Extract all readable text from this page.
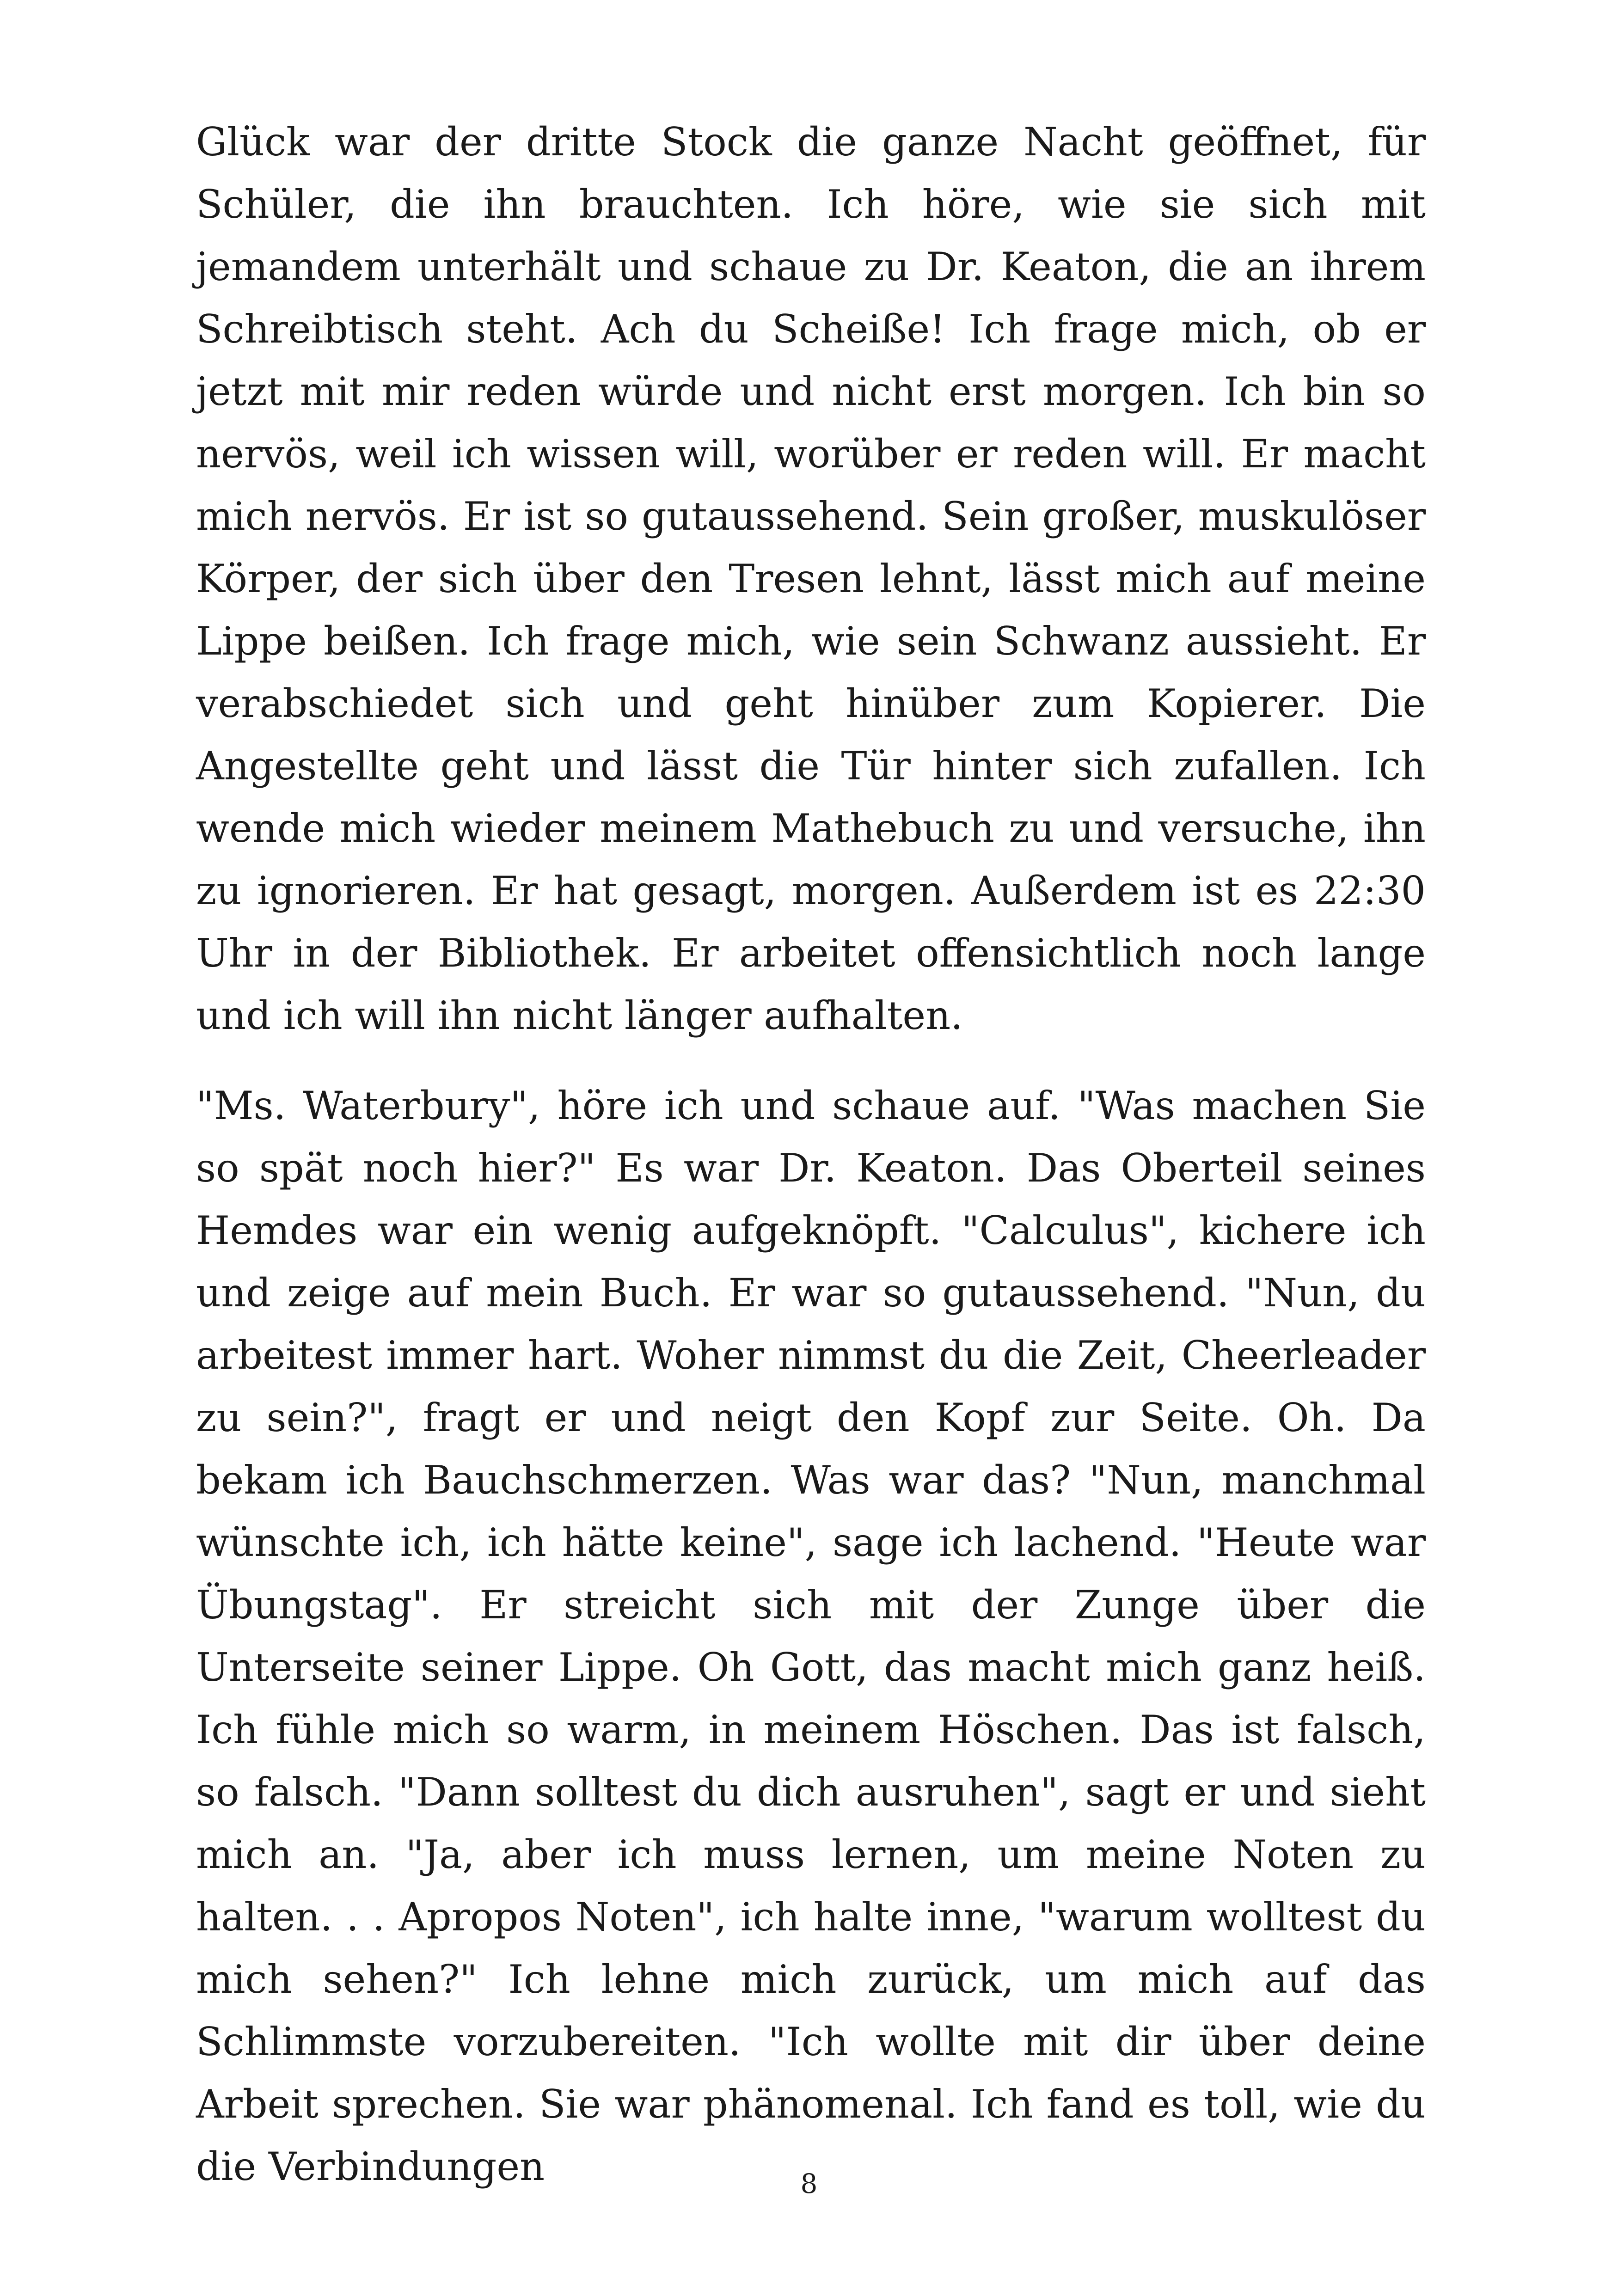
Glück war der dritte Stock die ganze Nacht geöffnet, für Schüler, die ihn brauchten. Ich höre, wie sie sich mit jemandem unterhält und schaue zu Dr. Keaton, die an ihrem Schreibtisch steht. Ach du Scheiße! Ich frage mich, ob er jetzt mit mir reden würde und nicht erst morgen. Ich bin so nervös, weil ich wissen will, worüber er reden will. Er macht mich nervös. Er ist so gutaussehend. Sein großer, muskulöser Körper, der sich über den Tresen lehnt, lässt mich auf meine Lippe beißen. Ich frage mich, wie sein Schwanz aussieht. Er verabschiedet sich und geht hinüber zum Kopierer. Die Angestellte geht und lässt die Tür hinter sich zufallen. Ich wende mich wieder meinem Mathebuch zu und versuche, ihn zu ignorieren. Er hat gesagt, morgen. Außerdem ist es 22:30 Uhr in der Bibliothek. Er arbeitet offensichtlich noch lange und ich will ihn nicht länger aufhalten.

"Ms. Waterbury", höre ich und schaue auf. "Was machen Sie so spät noch hier?" Es war Dr. Keaton. Das Oberteil seines Hemdes war ein wenig aufgeknöpft. "Calculus", kichere ich und zeige auf mein Buch. Er war so gutaussehend. "Nun, du arbeitest immer hart. Woher nimmst du die Zeit, Cheerleader zu sein?", fragt er und neigt den Kopf zur Seite. Oh. Da bekam ich Bauchschmerzen. Was war das? "Nun, manchmal wünschte ich, ich hätte keine", sage ich lachend. "Heute war Übungstag". Er streicht sich mit der Zunge über die Unterseite seiner Lippe. Oh Gott, das macht mich ganz heiß. Ich fühle mich so warm, in meinem Höschen. Das ist falsch, so falsch. "Dann solltest du dich ausruhen", sagt er und sieht mich an. "Ja, aber ich muss lernen, um meine Noten zu halten. . . Apropos Noten", ich halte inne, "warum wolltest du mich sehen?" Ich lehne mich zurück, um mich auf das Schlimmste vorzubereiten. "Ich wollte mit dir über deine Arbeit sprechen. Sie war phänomenal. Ich fand es toll, wie du die Verbindungen	8
